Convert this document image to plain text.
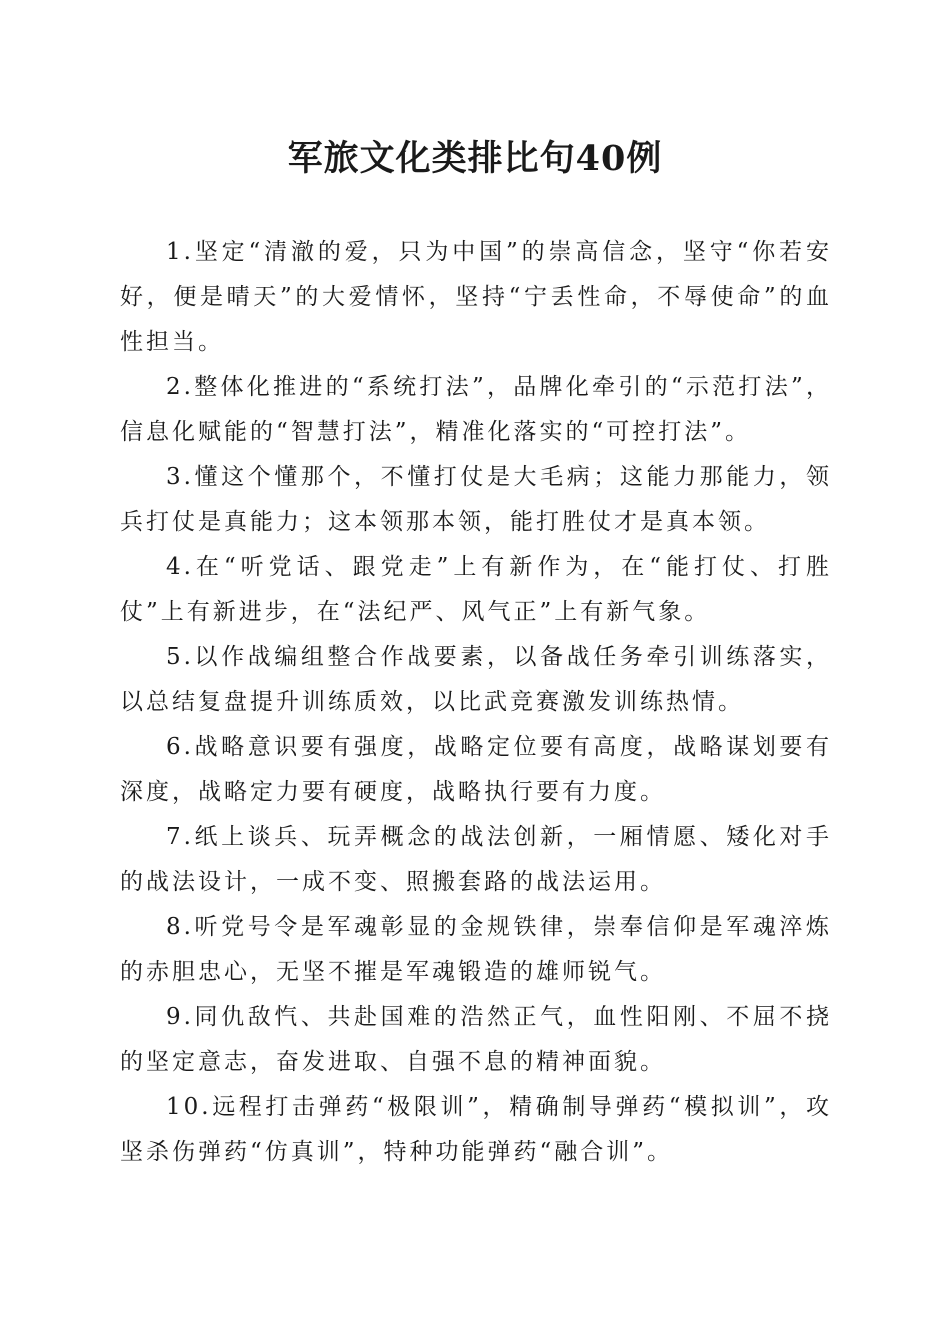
军旅文化类排比句40例

1.坚定“清澈的爱，只为中国”的崇高信念，坚守“你若安好，便是晴天”的大爱情怀，坚持“宁丢性命，不辱使命”的血性担当。

2.整体化推进的“系统打法”，品牌化牵引的“示范打法”，信息化赋能的“智慧打法”，精准化落实的“可控打法”。

3.懂这个懂那个，不懂打仗是大毛病；这能力那能力，领兵打仗是真能力；这本领那本领，能打胜仗才是真本领。

4.在“听党话、跟党走”上有新作为，在“能打仗、打胜仗”上有新进步，在“法纪严、风气正”上有新气象。

5.以作战编组整合作战要素，以备战任务牵引训练落实，以总结复盘提升训练质效，以比武竞赛激发训练热情。

6.战略意识要有强度，战略定位要有高度，战略谋划要有深度，战略定力要有硬度，战略执行要有力度。

7.纸上谈兵、玩弄概念的战法创新，一厢情愿、矮化对手的战法设计，一成不变、照搬套路的战法运用。

8.听党号令是军魂彰显的金规铁律，崇奉信仰是军魂淬炼的赤胆忠心，无坚不摧是军魂锻造的雄师锐气。

9.同仇敌忾、共赴国难的浩然正气，血性阳刚、不屈不挠的坚定意志，奋发进取、自强不息的精神面貌。

10.远程打击弹药“极限训”，精确制导弹药“模拟训”，攻坚杀伤弹药“仿真训”，特种功能弹药“融合训”。
